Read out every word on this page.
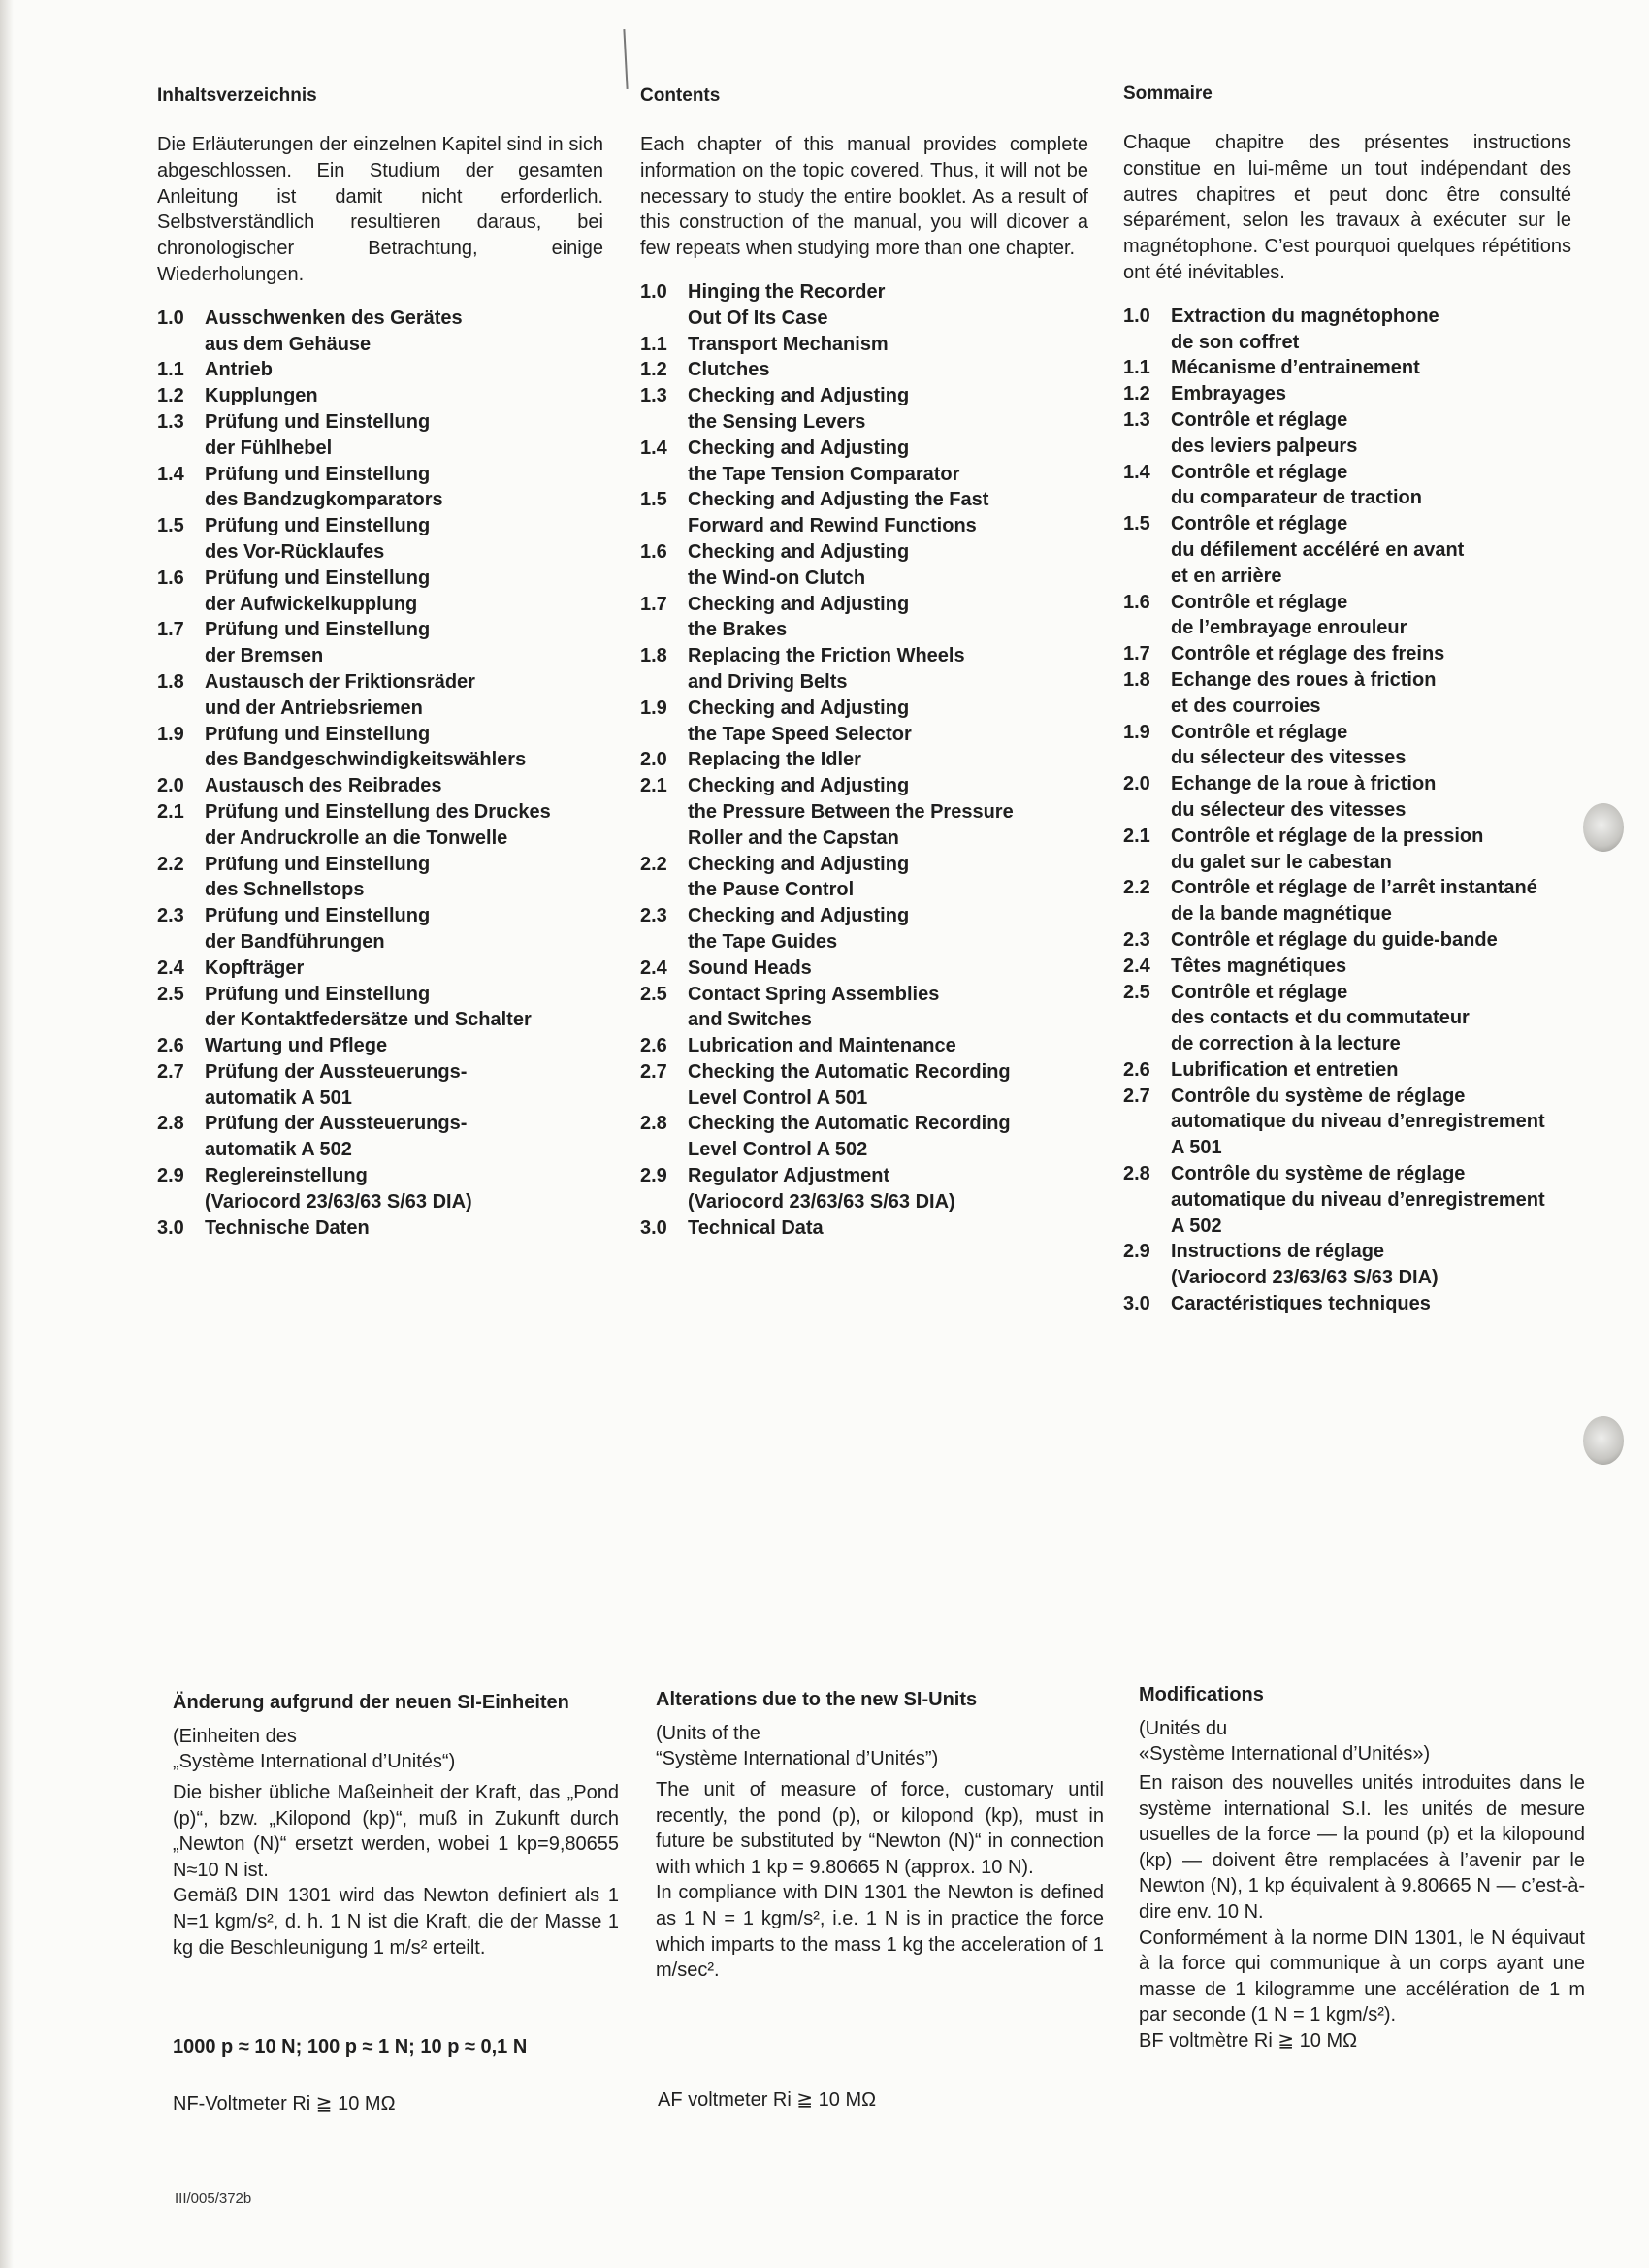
Inhaltsverzeichnis

Die Erläuterungen der einzelnen Kapitel sind in sich abgeschlossen. Ein Studium der gesamten Anleitung ist damit nicht erforderlich. Selbstverständlich resultieren daraus, bei chronologischer Betrachtung, einige Wiederholungen.

1.0	Ausschwenken des Gerätes
aus dem Gehäuse
1.1	Antrieb
1.2	Kupplungen
1.3	Prüfung und Einstellung
der Fühlhebel
1.4	Prüfung und Einstellung
des Bandzugkomparators
1.5	Prüfung und Einstellung
des Vor-Rücklaufes
1.6	Prüfung und Einstellung
der Aufwickelkupplung
1.7	Prüfung und Einstellung
der Bremsen
1.8	Austausch der Friktionsräder
und der Antriebsriemen
1.9	Prüfung und Einstellung
des Bandgeschwindigkeitswählers
2.0	Austausch des Reibrades
2.1	Prüfung und Einstellung des Druckes
der Andruckrolle an die Tonwelle
2.2	Prüfung und Einstellung
des Schnellstops
2.3	Prüfung und Einstellung
der Bandführungen
2.4	Kopfträger
2.5	Prüfung und Einstellung
der Kontaktfedersätze und Schalter
2.6	Wartung und Pflege
2.7	Prüfung der Aussteuerungs-
automatik A 501
2.8	Prüfung der Aussteuerungs-
automatik A 502
2.9	Reglereinstellung
(Variocord 23/63/63 S/63 DIA)
3.0	Technische Daten
Contents

Each chapter of this manual provides complete information on the topic covered. Thus, it will not be necessary to study the entire booklet. As a result of this construction of the manual, you will dicover a few repeats when studying more than one chapter.

1.0	Hinging the Recorder
Out Of Its Case
1.1	Transport Mechanism
1.2	Clutches
1.3	Checking and Adjusting
the Sensing Levers
1.4	Checking and Adjusting
the Tape Tension Comparator
1.5	Checking and Adjusting the Fast
Forward and Rewind Functions
1.6	Checking and Adjusting
the Wind-on Clutch
1.7	Checking and Adjusting
the Brakes
1.8	Replacing the Friction Wheels
and Driving Belts
1.9	Checking and Adjusting
the Tape Speed Selector
2.0	Replacing the Idler
2.1	Checking and Adjusting
the Pressure Between the Pressure
Roller and the Capstan
2.2	Checking and Adjusting
the Pause Control
2.3	Checking and Adjusting
the Tape Guides
2.4	Sound Heads
2.5	Contact Spring Assemblies
and Switches
2.6	Lubrication and Maintenance
2.7	Checking the Automatic Recording
Level Control A 501
2.8	Checking the Automatic Recording
Level Control A 502
2.9	Regulator Adjustment
(Variocord 23/63/63 S/63 DIA)
3.0	Technical Data
Sommaire

Chaque chapitre des présentes instructions constitue en lui-même un tout indépendant des autres chapitres et peut donc être consulté séparément, selon les travaux à exécuter sur le magnétophone. C’est pourquoi quelques répétitions ont été inévitables.

1.0	Extraction du magnétophone
de son coffret
1.1	Mécanisme d’entrainement
1.2	Embrayages
1.3	Contrôle et réglage
des leviers palpeurs
1.4	Contrôle et réglage
du comparateur de traction
1.5	Contrôle et réglage
du défilement accéléré en avant
et en arrière
1.6	Contrôle et réglage
de l’embrayage enrouleur
1.7	Contrôle et réglage des freins
1.8	Echange des roues à friction
et des courroies
1.9	Contrôle et réglage
du sélecteur des vitesses
2.0	Echange de la roue à friction
du sélecteur des vitesses
2.1	Contrôle et réglage de la pression
du galet sur le cabestan
2.2	Contrôle et réglage de l’arrêt instantané
de la bande magnétique
2.3	Contrôle et réglage du guide-bande
2.4	Têtes magnétiques
2.5	Contrôle et réglage
des contacts et du commutateur
de correction à la lecture
2.6	Lubrification et entretien
2.7	Contrôle du système de réglage
automatique du niveau d’enregistrement
A 501
2.8	Contrôle du système de réglage
automatique du niveau d’enregistrement
A 502
2.9	Instructions de réglage
(Variocord 23/63/63 S/63 DIA)
3.0	Caractéristiques techniques
Änderung aufgrund der neuen SI-Einheiten
(Einheiten des
„Système International d’Unités“)
Die bisher übliche Maßeinheit der Kraft, das „Pond (p)“, bzw. „Kilopond (kp)“, muß in Zukunft durch „Newton (N)“ ersetzt werden, wobei 1 kp=9,80655 N≈10 N ist.
Gemäß DIN 1301 wird das Newton definiert als 1 N=1 kgm/s², d. h. 1 N ist die Kraft, die der Masse 1 kg die Beschleunigung 1 m/s² erteilt.
Alterations due to the new SI-Units
(Units of the
“Système International d’Unités”)
The unit of measure of force, customary until recently, the pond (p), or kilopond (kp), must in future be substituted by “Newton (N)“ in connection with which 1 kp = 9.80665 N (approx. 10 N).
In compliance with DIN 1301 the Newton is defined as 1 N = 1 kgm/s², i.e. 1 N is in practice the force which imparts to the mass 1 kg the acceleration of 1 m/sec².
Modifications
(Unités du
«Système International d’Unités»)
En raison des nouvelles unités introduites dans le système international S.I. les unités de mesure usuelles de la force — la pound (p) et la kilopound (kp) — doivent être remplacées à l’avenir par le Newton (N), 1 kp équivalent à 9.80665 N — c’est-à-dire env. 10 N.
Conformément à la norme DIN 1301, le N équivaut à la force qui communique à un corps ayant une masse de 1 kilogramme une accélération de 1 m par seconde (1 N = 1 kgm/s²).
BF voltmètre Ri ≧ 10 MΩ
1000 p ≈ 10 N; 100 p ≈ 1 N; 10 p ≈ 0,1 N
NF-Voltmeter Ri ≧ 10 MΩ	AF voltmeter Ri ≧ 10 MΩ
III/005/372b
